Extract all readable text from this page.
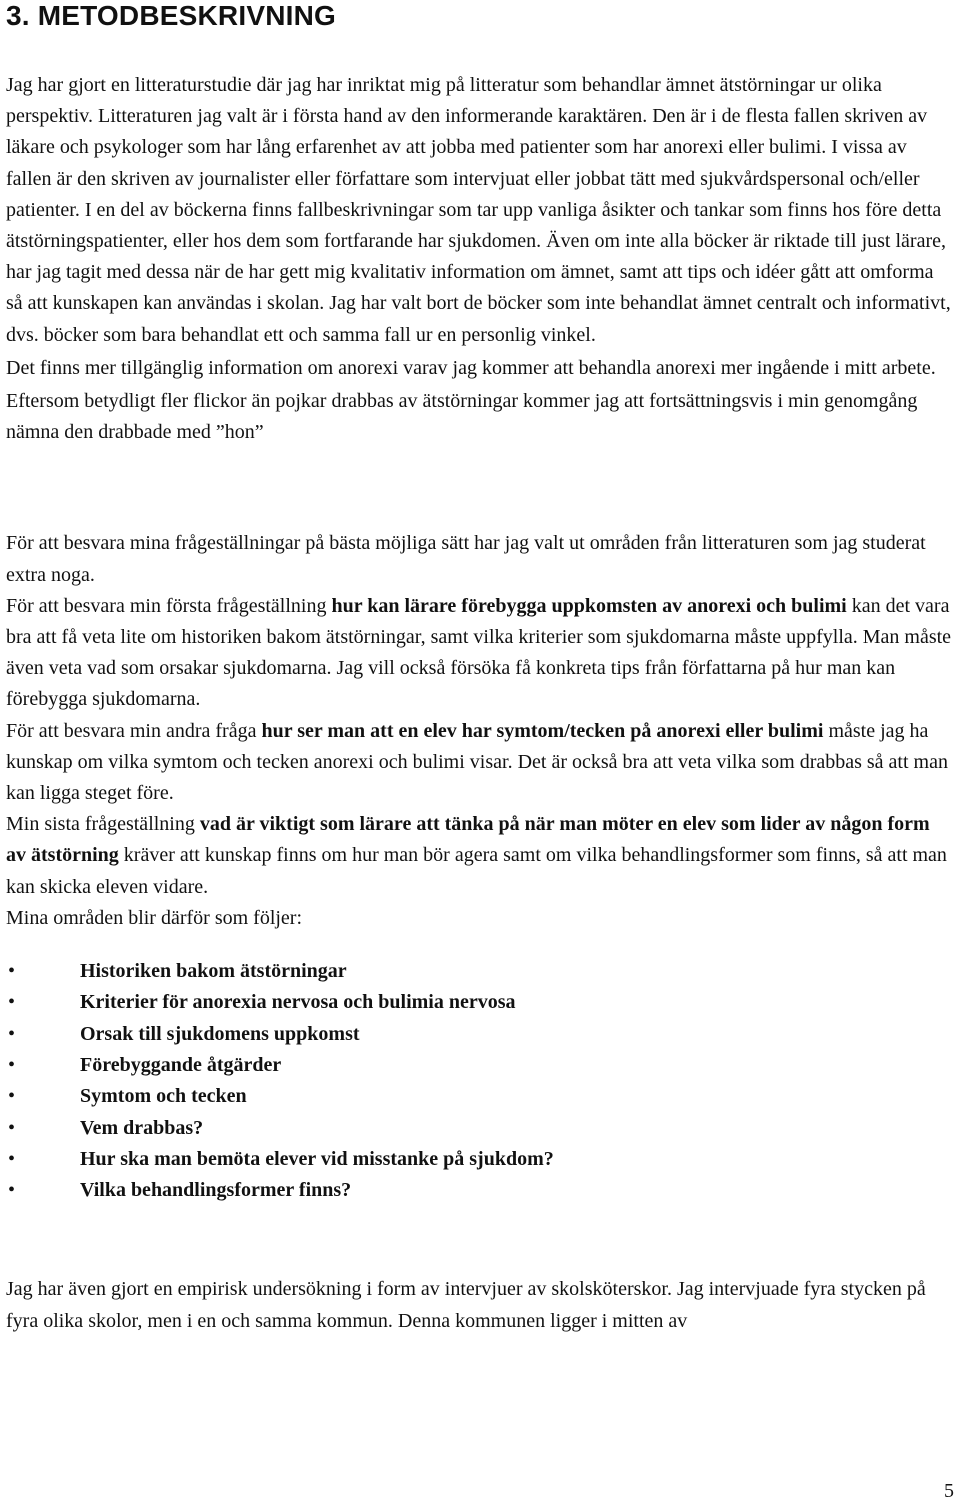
3. METODBESKRIVNING

Jag har gjort en litteraturstudie där jag har inriktat mig på litteratur som behandlar ämnet ätstörningar ur olika perspektiv. Litteraturen jag valt är i första hand av den informerande karaktären. Den är i de flesta fallen skriven av läkare och psykologer som har lång erfarenhet av att jobba med patienter som har anorexi eller bulimi. I vissa av fallen är den skriven av journalister eller författare som intervjuat eller jobbat tätt med sjukvårdspersonal och/eller patienter. I en del av böckerna finns fallbeskrivningar som tar upp vanliga åsikter och tankar som finns hos före detta ätstörningspatienter, eller hos dem som fortfarande har sjukdomen. Även om inte alla böcker är riktade till just lärare, har jag tagit med dessa när de har gett mig kvalitativ information om ämnet, samt att tips och idéer gått att omforma så att kunskapen kan användas i skolan. Jag har valt bort de böcker som inte behandlat ämnet centralt och informativt, dvs. böcker som bara behandlat ett och samma fall ur en personlig vinkel.

Det finns mer tillgänglig information om anorexi varav jag kommer att behandla anorexi mer ingående i mitt arbete.

Eftersom betydligt fler flickor än pojkar drabbas av ätstörningar kommer jag att fortsättningsvis i min genomgång nämna den drabbade med ”hon”

För att besvara mina frågeställningar på bästa möjliga sätt har jag valt ut områden från litteraturen som jag studerat extra noga.

För att besvara min första frågeställning hur kan lärare förebygga uppkomsten av anorexi och bulimi kan det vara bra att få veta lite om historiken bakom ätstörningar, samt vilka kriterier som sjukdomarna måste uppfylla. Man måste även veta vad som orsakar sjukdomarna. Jag vill också försöka få konkreta tips från författarna på hur man kan förebygga sjukdomarna.

För att besvara min andra fråga hur ser man att en elev har symtom/tecken på anorexi eller bulimi måste jag ha kunskap om vilka symtom och tecken anorexi och bulimi visar. Det är också bra att veta vilka som drabbas så att man kan ligga steget före.

Min sista frågeställning vad är viktigt som lärare att tänka på när man möter en elev som lider av någon form av ätstörning kräver att kunskap finns om hur man bör agera samt om vilka behandlingsformer som finns, så att man kan skicka eleven vidare.

Mina områden blir därför som följer:

•	Historiken bakom ätstörningar
•	Kriterier för anorexia nervosa och bulimia nervosa
•	Orsak till sjukdomens uppkomst
•	Förebyggande åtgärder
•	Symtom och tecken
•	Vem drabbas?
•	Hur ska man bemöta elever vid misstanke på sjukdom?
•	Vilka behandlingsformer finns?

Jag har även gjort en empirisk undersökning i form av intervjuer av skolsköterskor. Jag intervjuade fyra stycken på fyra olika skolor, men i en och samma kommun. Denna kommunen ligger i mitten av

5
